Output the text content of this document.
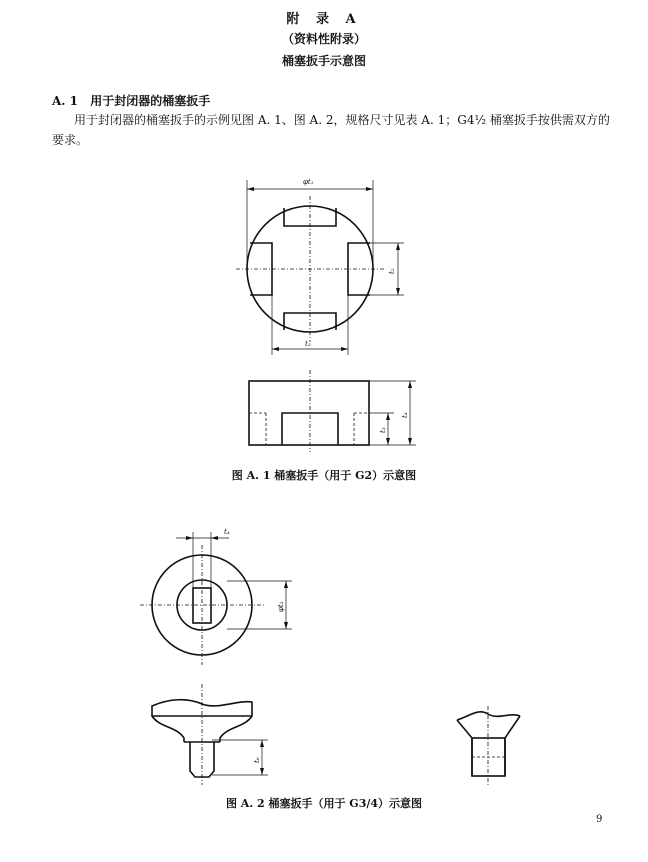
附 录 A
（资料性附录）
桶塞扳手示意图
A. 1 用于封闭器的桶塞扳手
用于封闭器的桶塞扳手的示例见图 A. 1、图 A. 2，规格尺寸见表 A. 1；G4½ 桶塞扳手按供需双方的
要求。
φt₁
t₂
t₅
t₄
t₃
t₄
φt₃
t₆
图 A. 1 桶塞扳手（用于 G2）示意图
图 A. 2 桶塞扳手（用于 G3/4）示意图
9
